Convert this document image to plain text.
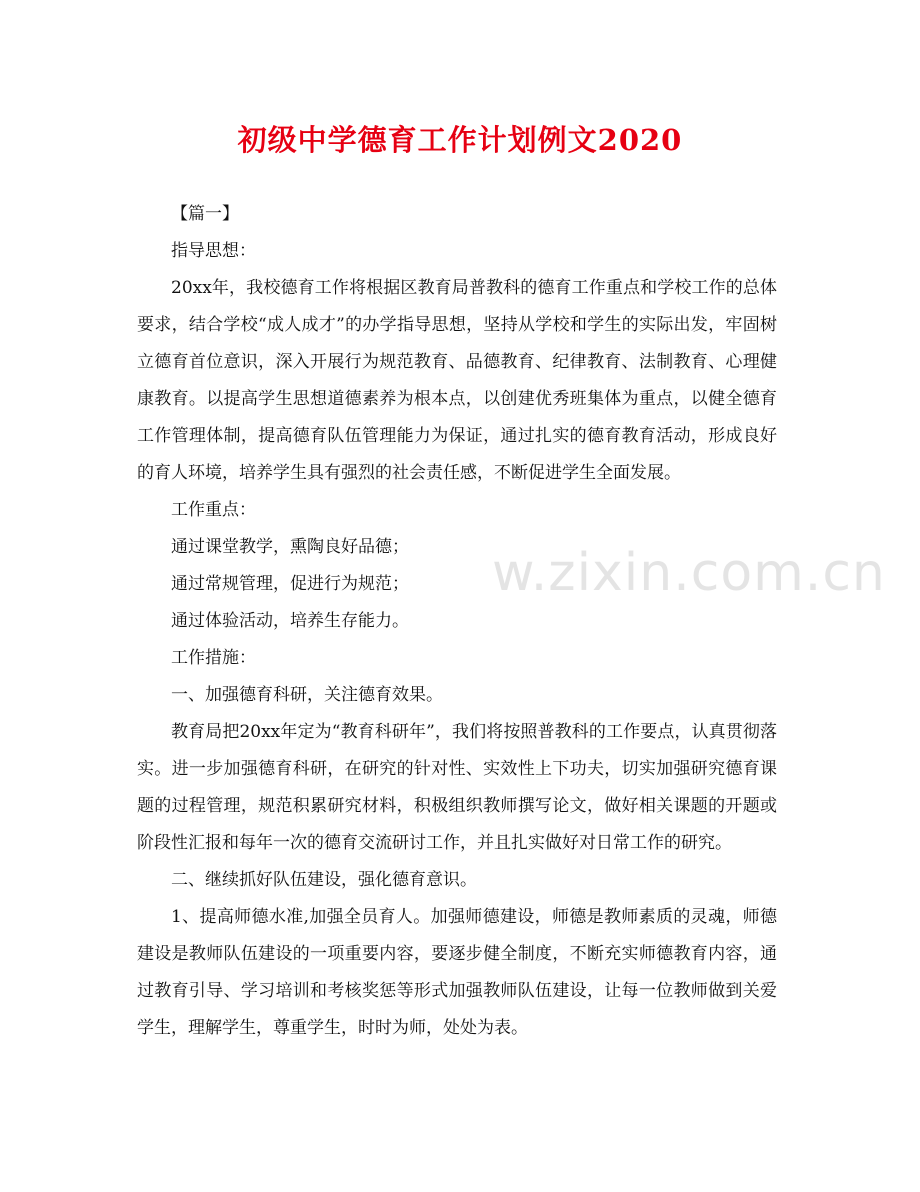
初级中学德育工作计划例文2020
w.zixin.com.cn

【篇一】

指导思想：

20xx年，我校德育工作将根据区教育局普教科的德育工作重点和学校工作的总体要求，结合学校“成人成才”的办学指导思想，坚持从学校和学生的实际出发，牢固树立德育首位意识，深入开展行为规范教育、品德教育、纪律教育、法制教育、心理健康教育。以提高学生思想道德素养为根本点，以创建优秀班集体为重点，以健全德育工作管理体制，提高德育队伍管理能力为保证，通过扎实的德育教育活动，形成良好的育人环境，培养学生具有强烈的社会责任感，不断促进学生全面发展。

工作重点：

通过课堂教学，熏陶良好品德；

通过常规管理，促进行为规范；

通过体验活动，培养生存能力。

工作措施：

一、加强德育科研，关注德育效果。

教育局把20xx年定为“教育科研年”，我们将按照普教科的工作要点，认真贯彻落实。进一步加强德育科研，在研究的针对性、实效性上下功夫，切实加强研究德育课题的过程管理，规范积累研究材料，积极组织教师撰写论文，做好相关课题的开题或阶段性汇报和每年一次的德育交流研讨工作，并且扎实做好对日常工作的研究。

二、继续抓好队伍建设，强化德育意识。

1、提高师德水准,加强全员育人。加强师德建设，师德是教师素质的灵魂，师德建设是教师队伍建设的一项重要内容，要逐步健全制度，不断充实师德教育内容，通过教育引导、学习培训和考核奖惩等形式加强教师队伍建设，让每一位教师做到关爱学生，理解学生，尊重学生，时时为师，处处为表。
